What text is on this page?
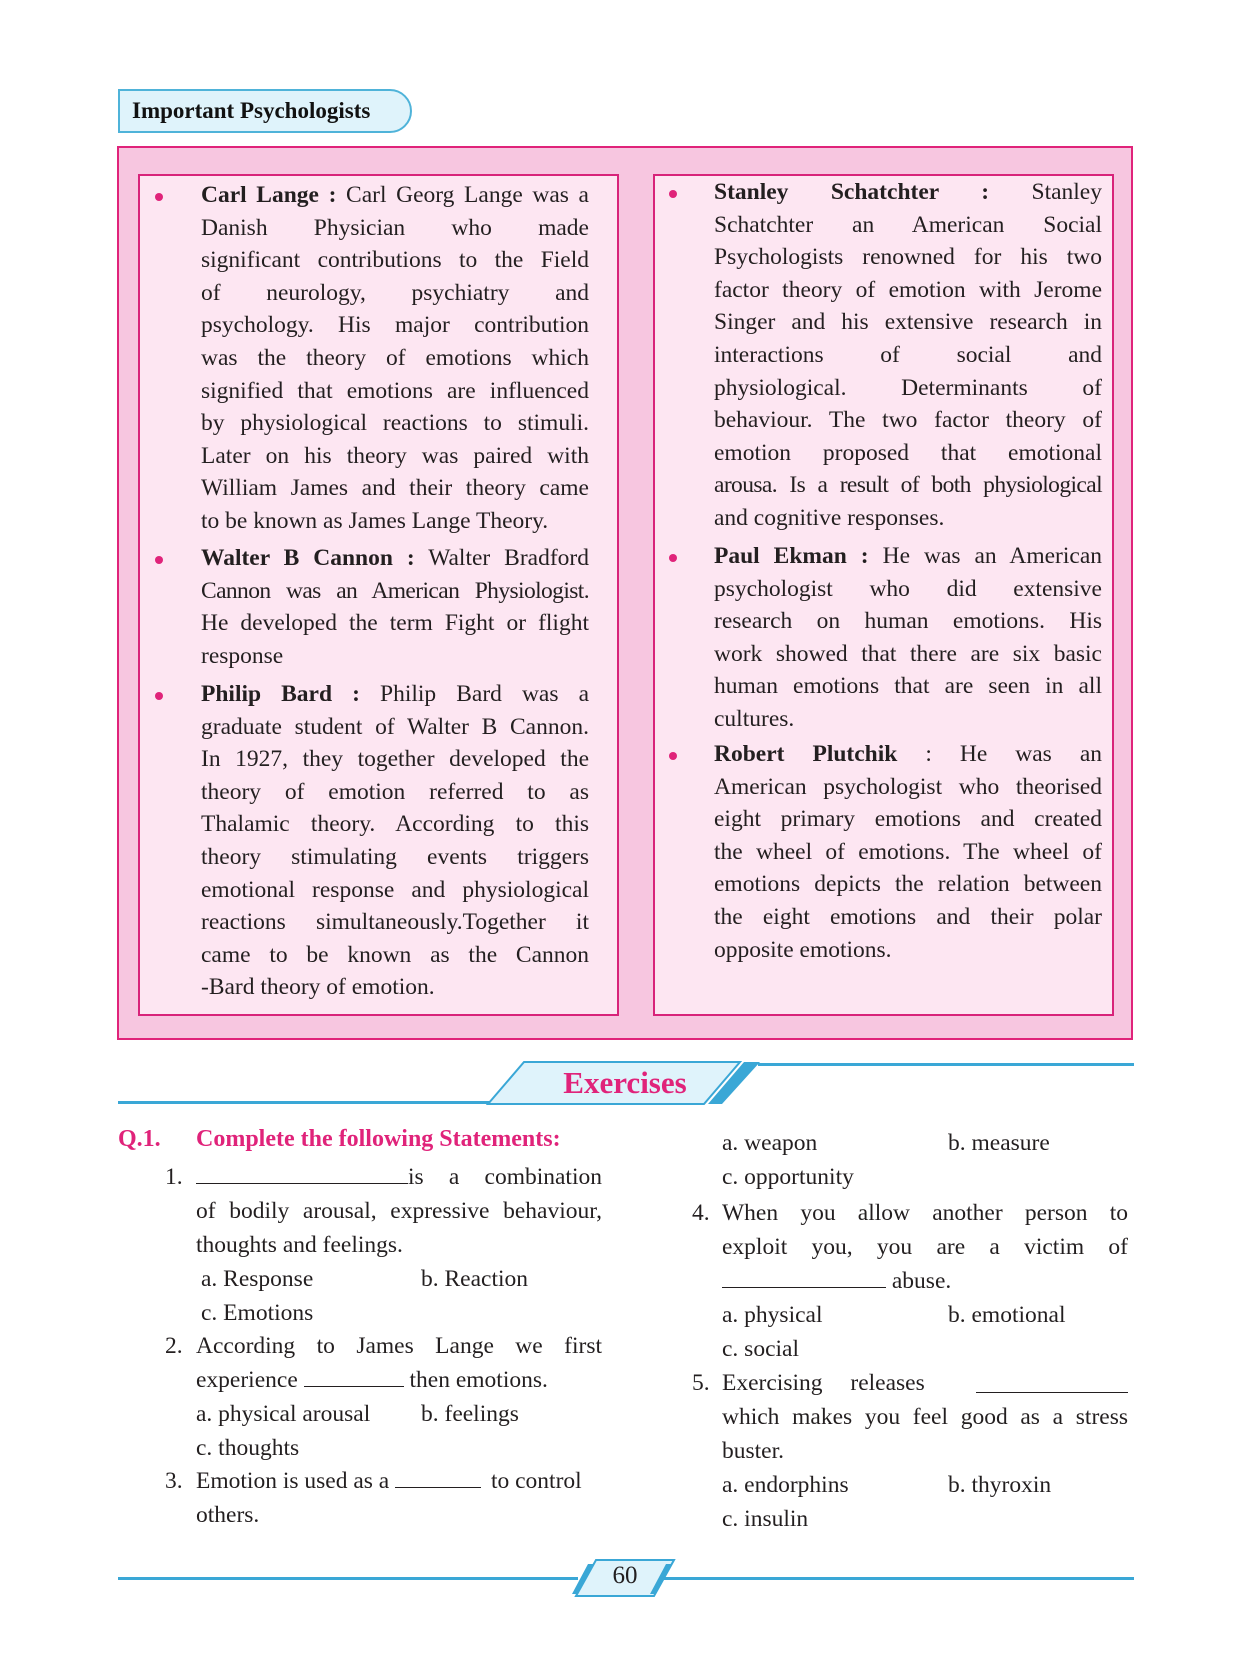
Important Psychologists
Carl Lange : Carl Georg Lange was a
Danish Physician who made
significant contributions to the Field
of neurology, psychiatry and
psychology. His major contribution
was the theory of emotions which
signified that emotions are influenced
by physiological reactions to stimuli.
Later on his theory was paired with
William James and their theory came
to be known as James Lange Theory.
Walter B Cannon : Walter Bradford
Cannon was an American Physiologist.
He developed the term Fight or flight
response
Philip Bard : Philip Bard was a
graduate student of Walter B Cannon.
In 1927, they together developed the
theory of emotion referred to as
Thalamic theory. According to this
theory stimulating events triggers
emotional response and physiological
reactions simultaneously.Together it
came to be known as the Cannon
-Bard theory of emotion.
Stanley Schatchter : Stanley
Schatchter an American Social
Psychologists renowned for his two
factor theory of emotion with Jerome
Singer and his extensive research in
interactions of social and
physiological. Determinants of
behaviour. The two factor theory of
emotion proposed that emotional
arousa. Is a result of both physiological
and cognitive responses.
Paul Ekman : He was an American
psychologist who did extensive
research on human emotions. His
work showed that there are six basic
human emotions that are seen in all
cultures.
Robert Plutchik : He was an
American psychologist who theorised
eight primary emotions and created
the wheel of emotions. The wheel of
emotions depicts the relation between
the eight emotions and their polar
opposite emotions.
Exercises
Q.1. Complete the following Statements:
1.	is a combination
of bodily arousal, expressive behaviour,
thoughts and feelings.
a. Response	b. Reaction
c. Emotions
2. According to James Lange we first
experience	then emotions.
a. physical arousal b. feelings
c. thoughts
3. Emotion is used as a	to control
others.
a. weapon	b. measure
c. opportunity
4. When you allow another person to
exploit you, you are a victim of
abuse.
a. physical	b. emotional
c. social
5. Exercising releases
which makes you feel good as a stress
buster.
a. endorphins	b. thyroxin
c. insulin
60
